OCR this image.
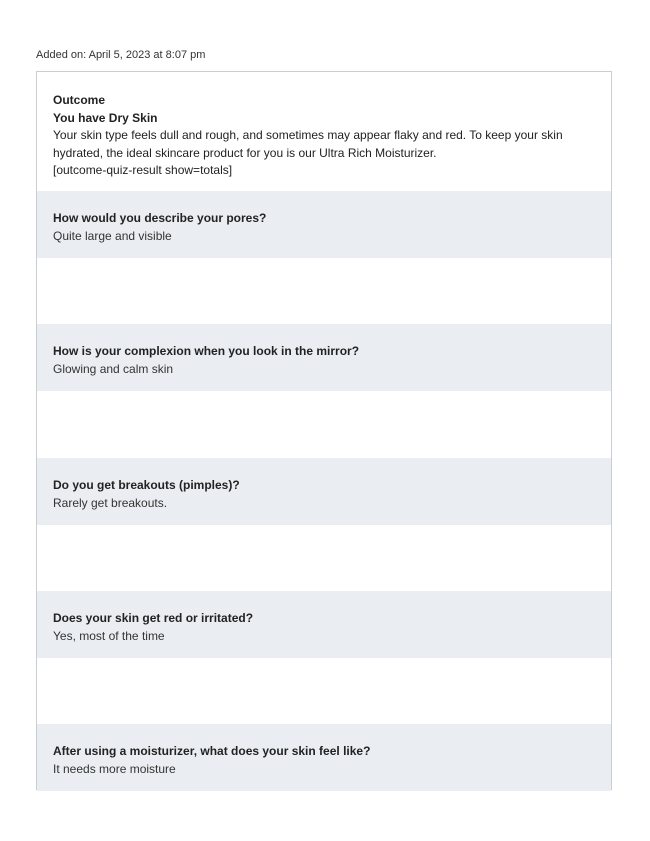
Added on: April 5, 2023 at 8:07 pm
Outcome
You have Dry Skin
Your skin type feels dull and rough, and sometimes may appear flaky and red. To keep your skin hydrated, the ideal skincare product for you is our Ultra Rich Moisturizer.
[outcome-quiz-result show=totals]
How would you describe your pores?
Quite large and visible
How is your complexion when you look in the mirror?
Glowing and calm skin
Do you get breakouts (pimples)?
Rarely get breakouts.
Does your skin get red or irritated?
Yes, most of the time
After using a moisturizer, what does your skin feel like?
It needs more moisture
